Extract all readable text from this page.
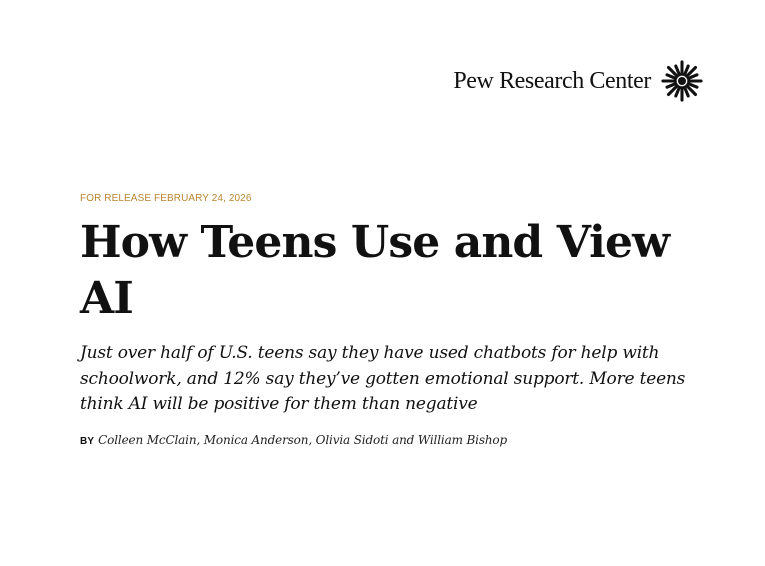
Pew Research Center
FOR RELEASE FEBRUARY 24, 2026
How Teens Use and View AI

Just over half of U.S. teens say they have used chatbots for help with schoolwork, and 12% say they’ve gotten emotional support. More teens think AI will be positive for them than negative

BY Colleen McClain, Monica Anderson, Olivia Sidoti and William Bishop
